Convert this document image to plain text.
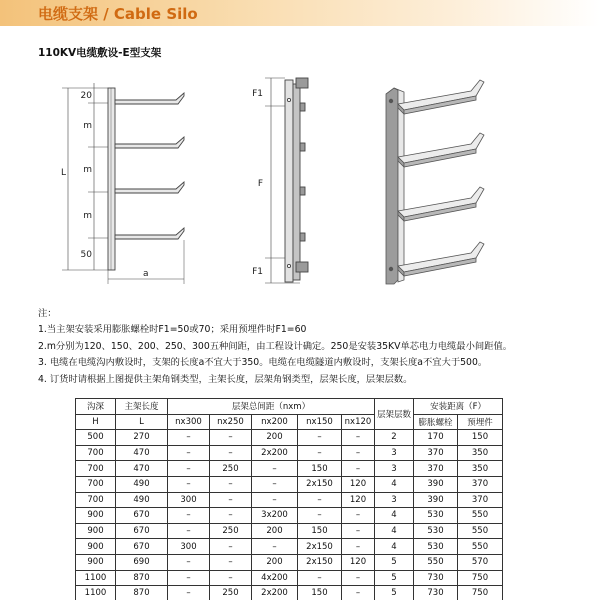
电缆支架 / Cable Silo
110KV电缆敷设-E型支架
L
20
m
m
m
50
a
F1
F
F1
注：
1.当主架安装采用膨胀螺栓时F1=50或70；采用预埋件时F1=60
2.m分别为120、150、200、250、300五种间距，由工程设计确定。250是安装35KV单芯电力电缆最小间距值。
3. 电缆在电缆沟内敷设时，支架的长度a不宜大于350。电缆在电缆隧道内敷设时，支架长度a不宜大于500。
4. 订货时请根据上图提供主架角钢类型，主架长度，层架角钢类型，层架长度，层架层数。
沟深	主架长度	层架总间距（nxm）					层架层数	安装距离（F）	
H	L	nx300	nx250	nx200	nx150	nx120		膨胀螺栓	预埋件
500	270	–	–	200	–	–	2	170	150
700	470	–	–	2x200	–	–	3	370	350
700	470	–	250	–	150	–	3	370	350
700	490	–	–	–	2x150	120	4	390	370
700	490	300	–	–	–	120	3	390	370
900	670	–	–	3x200	–	–	4	530	550
900	670	–	250	200	150	–	4	530	550
900	670	300	–	–	2x150	–	4	530	550
900	690	–	–	200	2x150	120	5	550	570
1100	870	–	–	4x200	–	–	5	730	750
1100	870	–	250	2x200	150	–	5	730	750
